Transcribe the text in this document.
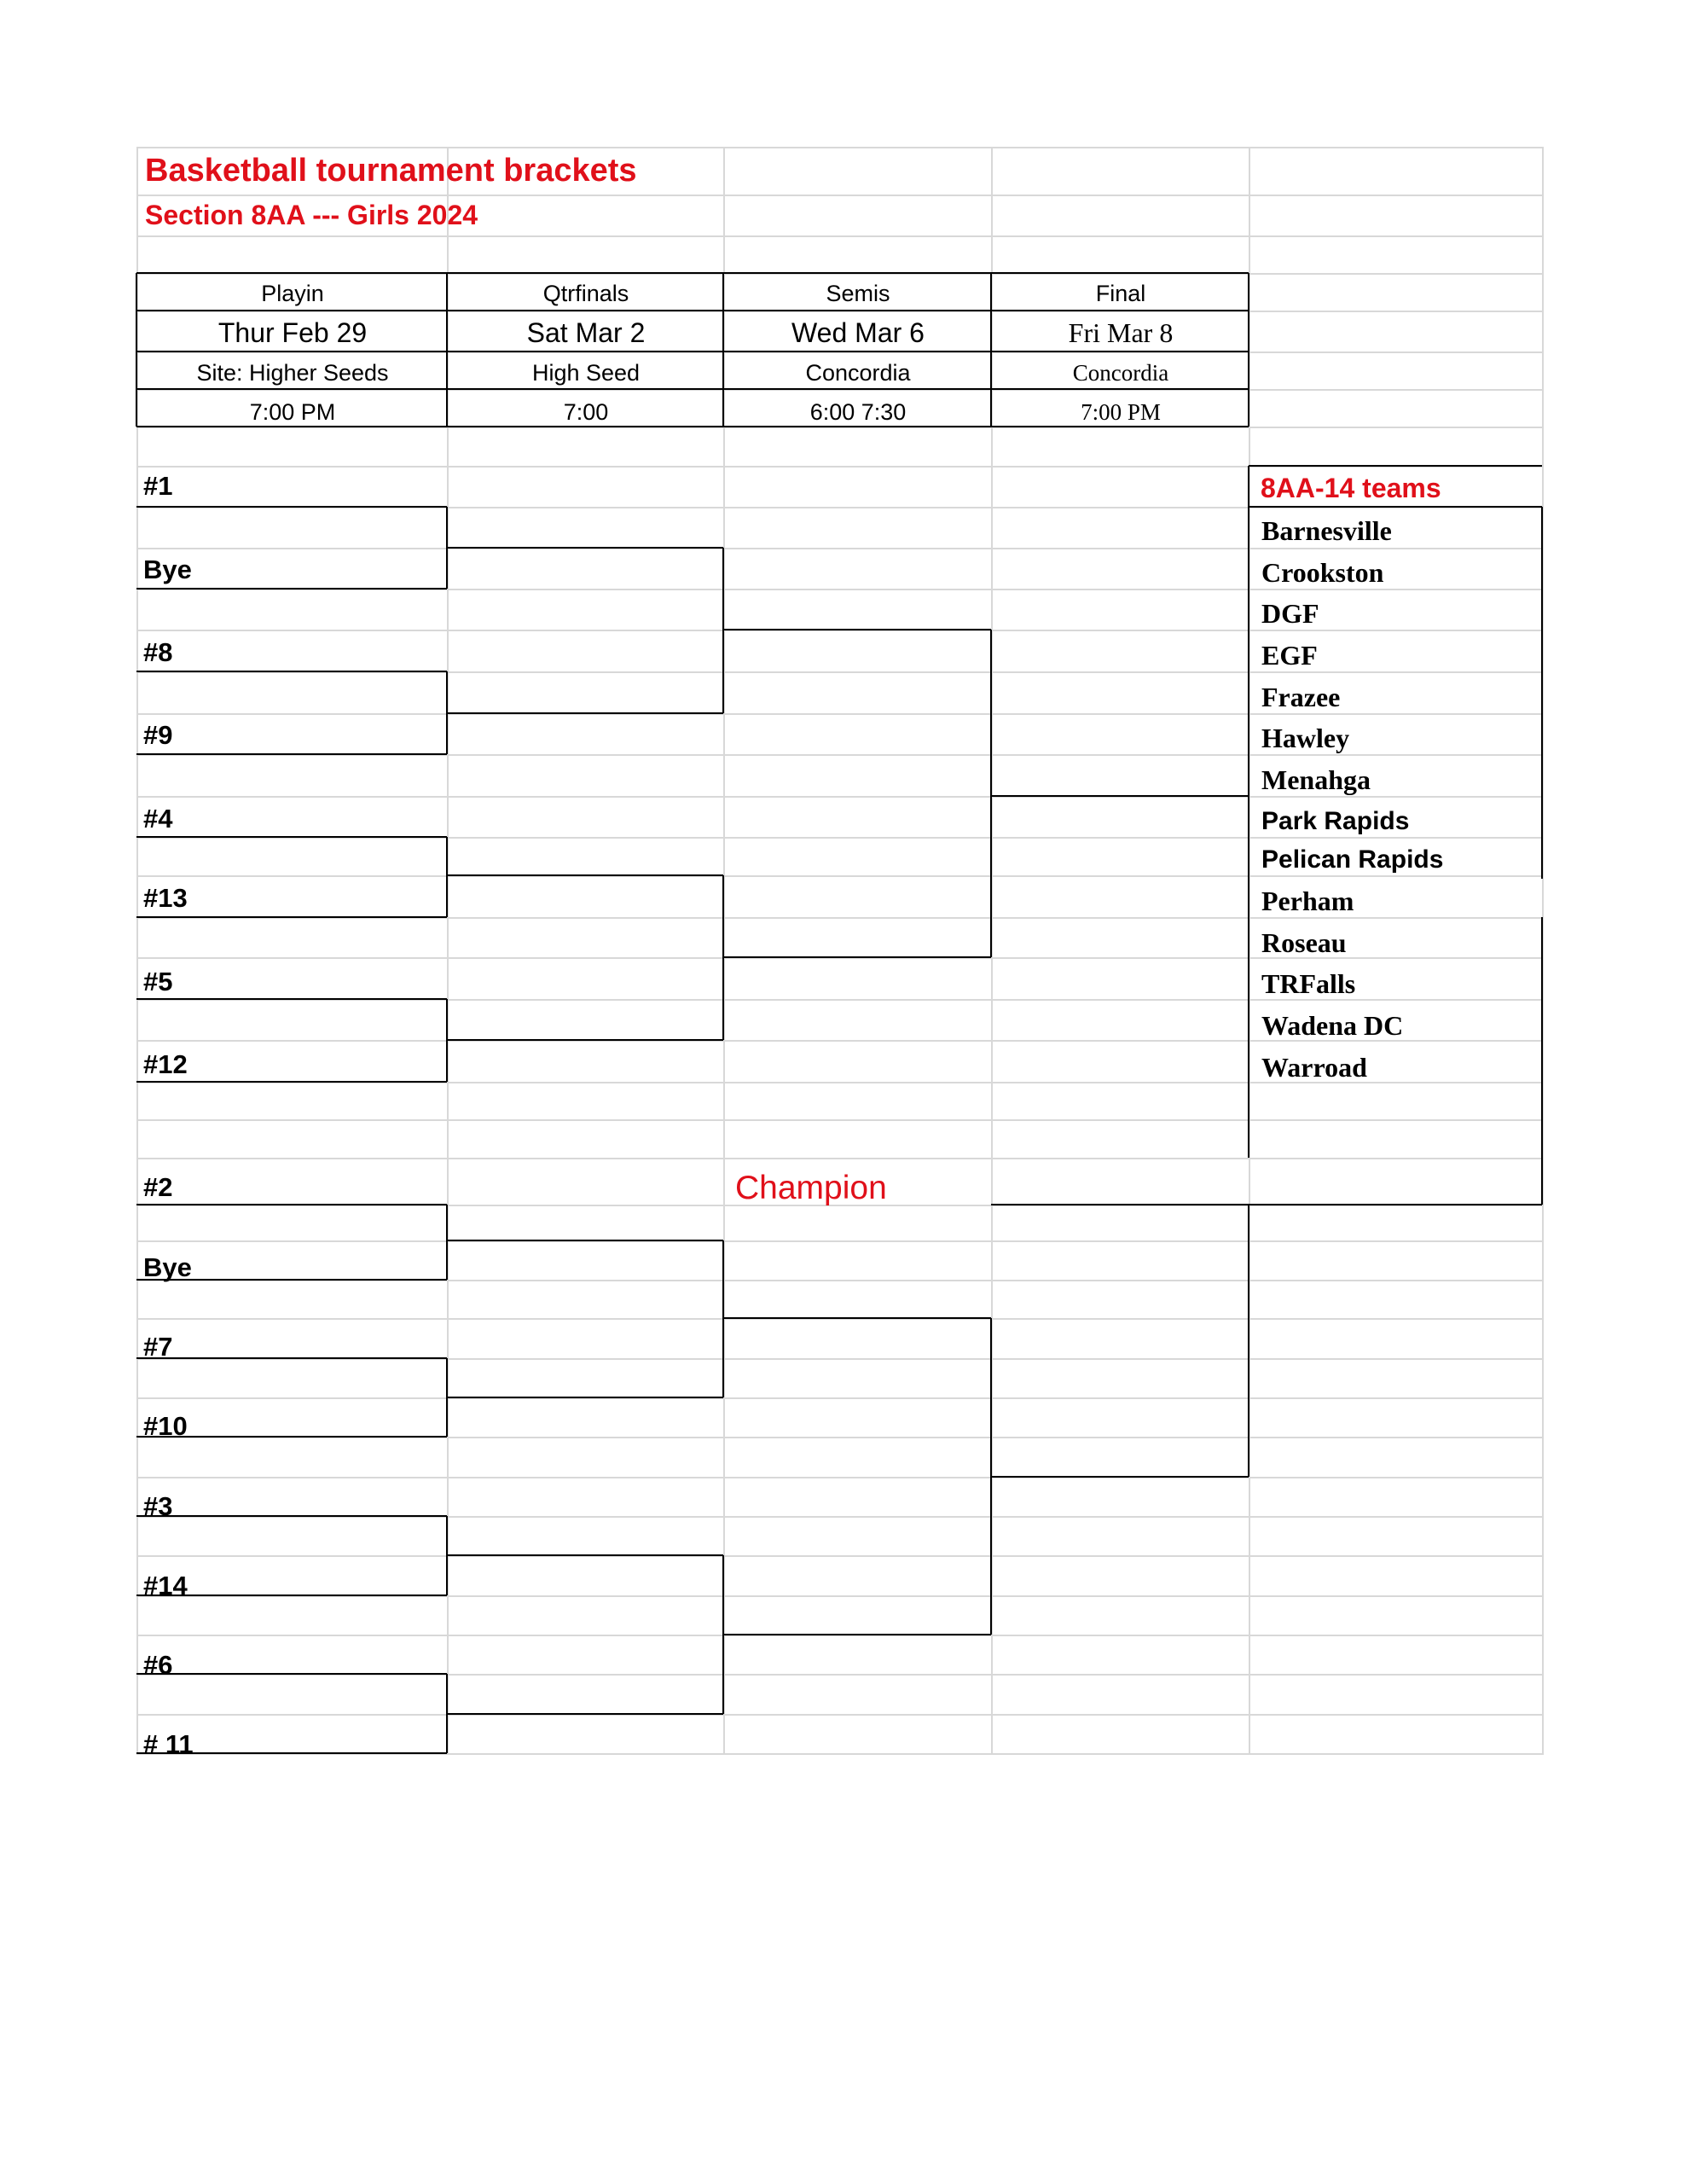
Basketball tournament brackets
Section 8AA --- Girls 2024
Playin
Thur Feb 29
Site: Higher Seeds
7:00 PM
Qtrfinals
Sat Mar 2
High Seed
7:00
Semis
Wed Mar 6
Concordia
6:00 7:30
Final
Fri Mar 8
Concordia
7:00 PM
#1
Bye
#8
#9
#4
#13
#5
#12
#2
Bye
#7
#10
#3
#14
#6
# 11
Champion
8AA-14 teams
Barnesville
Crookston
DGF
EGF
Frazee
Hawley
Menahga
Park Rapids
Pelican Rapids
Perham
Roseau
TRFalls
Wadena DC
Warroad
